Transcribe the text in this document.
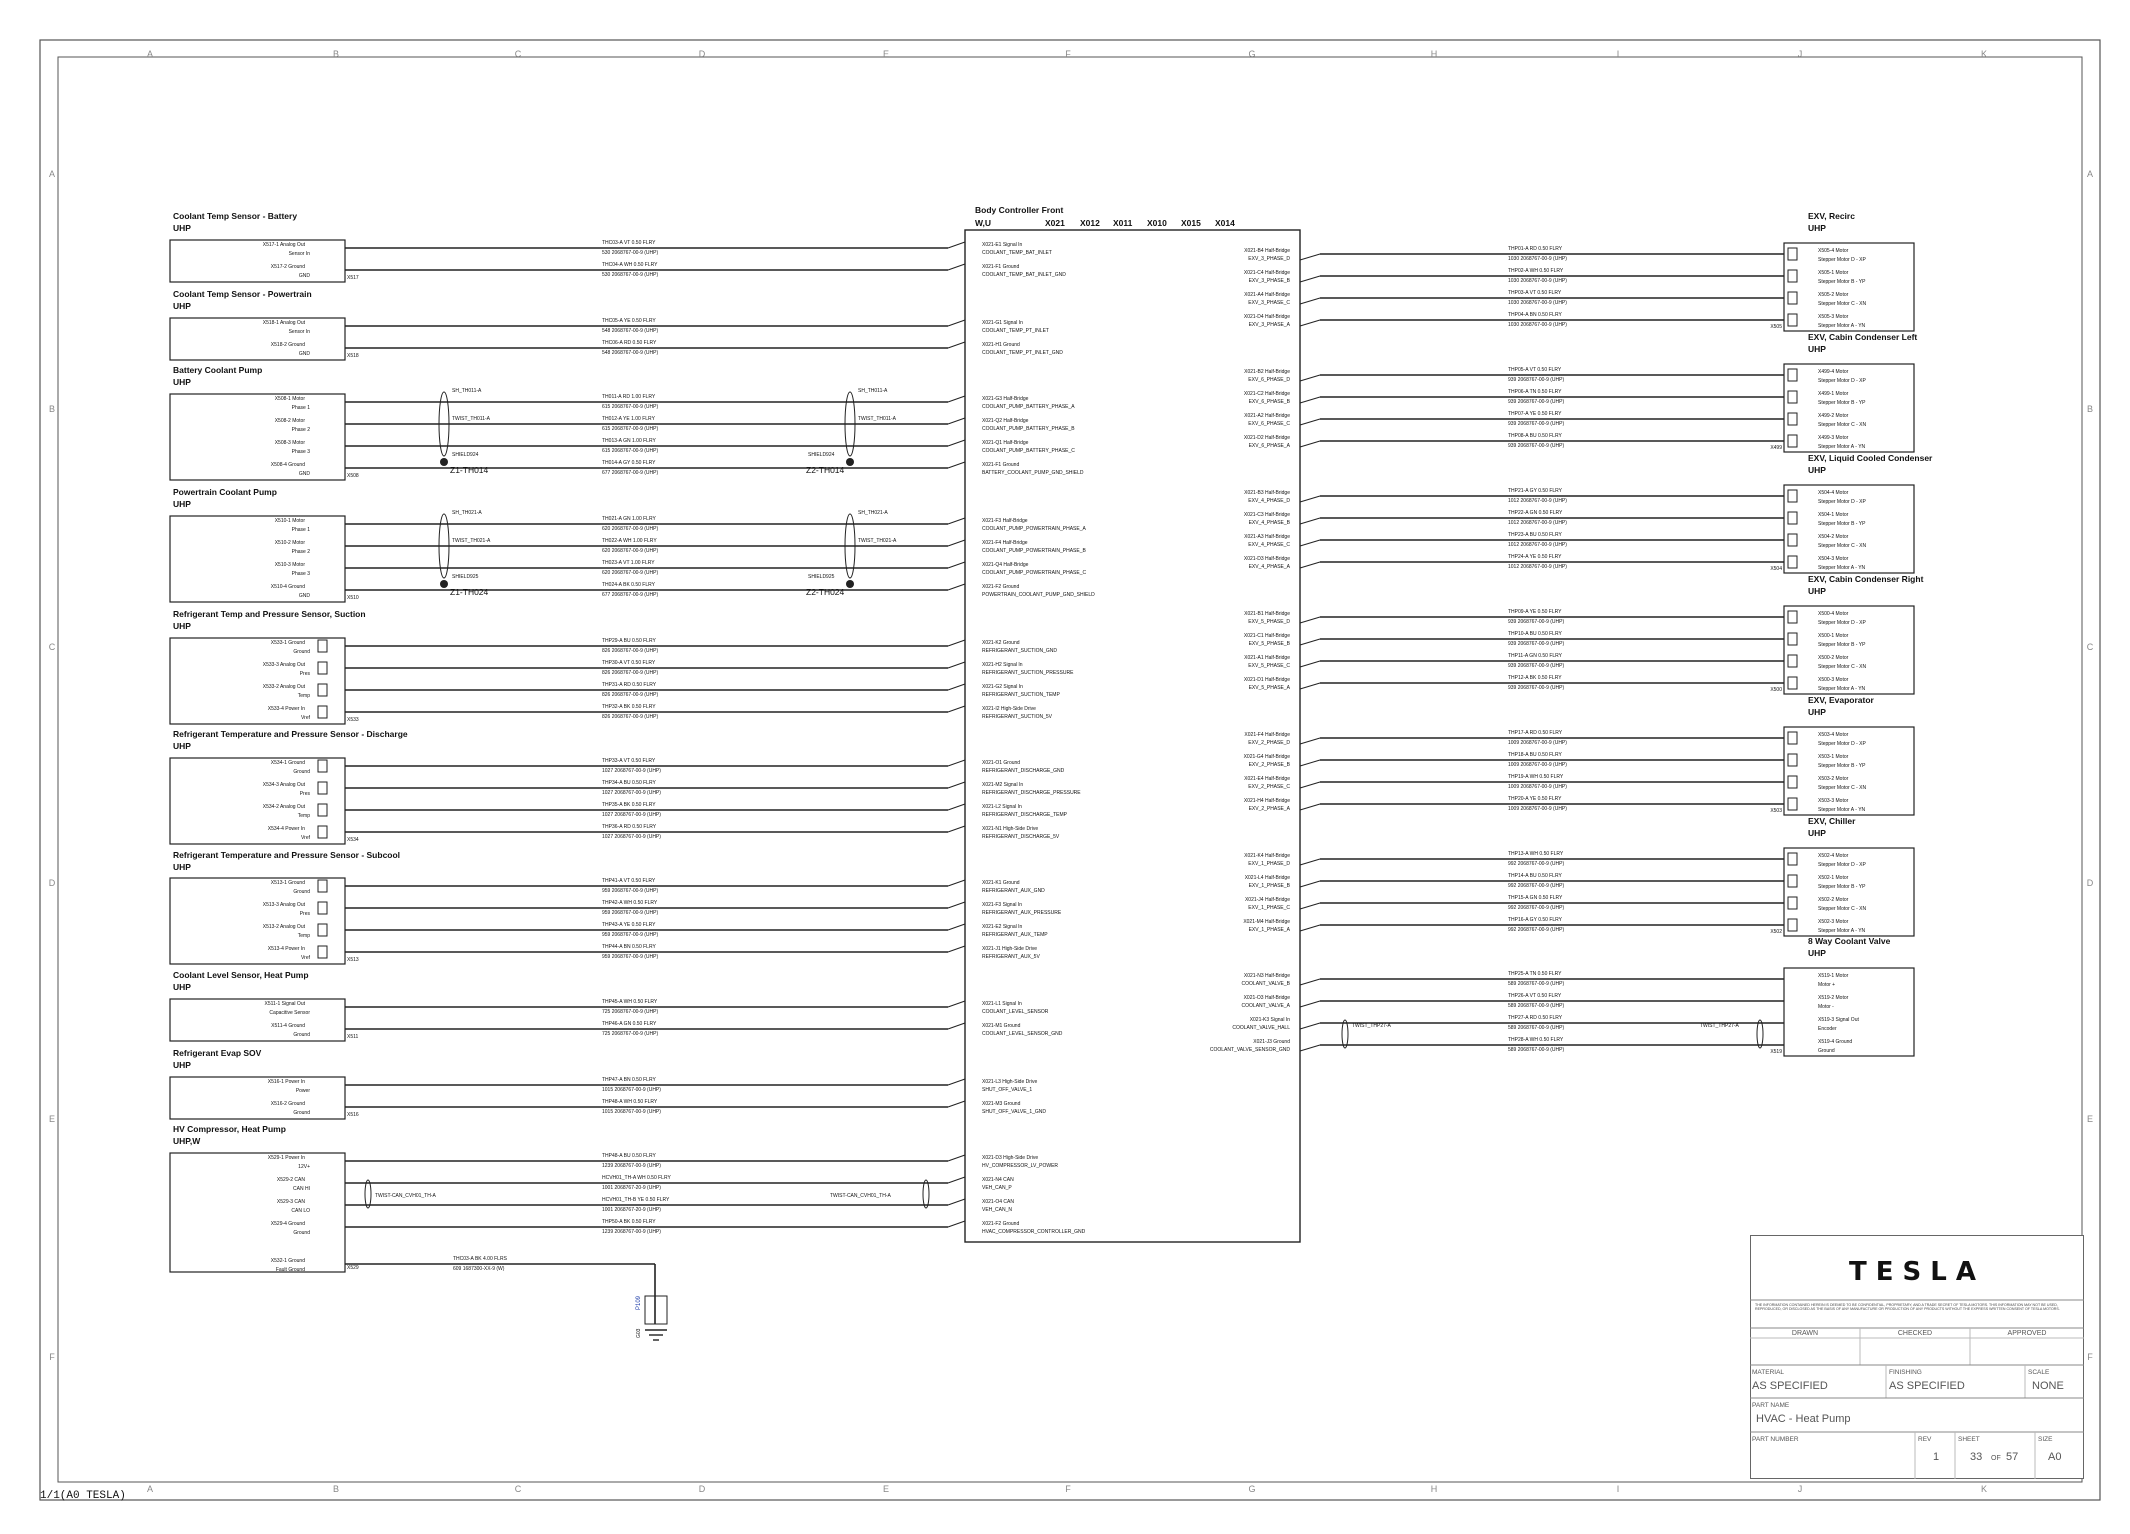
A
A
B
B
C
C
D
D
E
E
F
F
G
G
H
H
I
I
J
J
K
K
A	A
B	B
C	C
D	D
E	E
F	F
Body Controller Front
W,U	X021 X012 X011 X010 X015 X014
X021-E1 Signal In
COOLANT_TEMP_BAT_INLET
X021-F1 Ground
COOLANT_TEMP_BAT_INLET_GND
X021-G1 Signal In
COOLANT_TEMP_PT_INLET
X021-H1 Ground
COOLANT_TEMP_PT_INLET_GND
X021-G3 Half-Bridge
COOLANT_PUMP_BATTERY_PHASE_A
X021-Q2 Half-Bridge
COOLANT_PUMP_BATTERY_PHASE_B
X021-Q1 Half-Bridge
COOLANT_PUMP_BATTERY_PHASE_C
X021-F1 Ground
BATTERY_COOLANT_PUMP_GND_SHIELD
X021-F3 Half-Bridge
COOLANT_PUMP_POWERTRAIN_PHASE_A
X021-F4 Half-Bridge
COOLANT_PUMP_POWERTRAIN_PHASE_B
X021-Q4 Half-Bridge
COOLANT_PUMP_POWERTRAIN_PHASE_C
X021-F2 Ground
POWERTRAIN_COOLANT_PUMP_GND_SHIELD
X021-K2 Ground
REFRIGERANT_SUCTION_GND
X021-H2 Signal In
REFRIGERANT_SUCTION_PRESSURE
X021-G2 Signal In
REFRIGERANT_SUCTION_TEMP
X021-I2 High-Side Drive
REFRIGERANT_SUCTION_5V
X021-O1 Ground
REFRIGERANT_DISCHARGE_GND
X021-M2 Signal In
REFRIGERANT_DISCHARGE_PRESSURE
X021-L2 Signal In
REFRIGERANT_DISCHARGE_TEMP
X021-N1 High-Side Drive
REFRIGERANT_DISCHARGE_5V
X021-K1 Ground
REFRIGERANT_AUX_GND
X021-F3 Signal In
REFRIGERANT_AUX_PRESSURE
X021-E2 Signal In
REFRIGERANT_AUX_TEMP
X021-J1 High-Side Drive
REFRIGERANT_AUX_5V
X021-L1 Signal In
COOLANT_LEVEL_SENSOR
X021-M1 Ground
COOLANT_LEVEL_SENSOR_GND
X021-L3 High-Side Drive
SHUT_OFF_VALVE_1
X021-M3 Ground
SHUT_OFF_VALVE_1_GND
X021-D3 High-Side Drive
HV_COMPRESSOR_LV_POWER
X021-N4 CAN
VEH_CAN_P
X021-O4 CAN
VEH_CAN_N
X021-F2 Ground
HVAC_COMPRESSOR_CONTROLLER_GND
X021-B4 Half-Bridge
EXV_3_PHASE_D
X021-C4 Half-Bridge
EXV_3_PHASE_B
X021-A4 Half-Bridge
EXV_3_PHASE_C
X021-D4 Half-Bridge
EXV_3_PHASE_A
X021-B2 Half-Bridge
EXV_6_PHASE_D
X021-C2 Half-Bridge
EXV_6_PHASE_B
X021-A2 Half-Bridge
EXV_6_PHASE_C
X021-D2 Half-Bridge
EXV_6_PHASE_A
X021-B3 Half-Bridge
EXV_4_PHASE_D
X021-C3 Half-Bridge
EXV_4_PHASE_B
X021-A3 Half-Bridge
EXV_4_PHASE_C
X021-D3 Half-Bridge
EXV_4_PHASE_A
X021-B1 Half-Bridge
EXV_5_PHASE_D
X021-C1 Half-Bridge
EXV_5_PHASE_B
X021-A1 Half-Bridge
EXV_5_PHASE_C
X021-D1 Half-Bridge
EXV_5_PHASE_A
X021-F4 Half-Bridge
EXV_2_PHASE_D
X021-G4 Half-Bridge
EXV_2_PHASE_B
X021-E4 Half-Bridge
EXV_2_PHASE_C
X021-H4 Half-Bridge
EXV_2_PHASE_A
X021-K4 Half-Bridge
EXV_1_PHASE_D
X021-L4 Half-Bridge
EXV_1_PHASE_B
X021-J4 Half-Bridge
EXV_1_PHASE_C
X021-M4 Half-Bridge
EXV_1_PHASE_A
X021-N3 Half-Bridge
COOLANT_VALVE_B
X021-O3 Half-Bridge
COOLANT_VALVE_A
X021-K3 Signal In
COOLANT_VALVE_HALL
X021-J3 Ground
COOLANT_VALVE_SENSOR_GND
Coolant Temp Sensor - Battery
UHP
X517
X517-1 Analog Out
Sensor In
THC03-A VT 0.50 FLRY
530 2068767-00-9 (UHP)
X517-2 Ground
GND
THC04-A WH 0.50 FLRY
530 2068767-00-9 (UHP)
Coolant Temp Sensor - Powertrain
UHP
X518
X518-1 Analog Out
Sensor In
THC05-A YE 0.50 FLRY
548 2068767-00-9 (UHP)
X518-2 Ground
GND
THC06-A RD 0.50 FLRY
548 2068767-00-9 (UHP)
Battery Coolant Pump
UHP
X508
X508-1 Motor
Phase 1
TH011-A RD 1.00 FLRY
615 2068767-00-9 (UHP)
X508-2 Motor
Phase 2
TH012-A YE 1.00 FLRY
615 2068767-00-9 (UHP)
X508-3 Motor
Phase 3
TH013-A GN 1.00 FLRY
615 2068767-00-9 (UHP)
X508-4 Ground
GND
TH014-A GY 0.50 FLRY
677 2068767-00-9 (UHP)
SH_TH011-A
TWIST_TH011-A
SH_TH011-A
TWIST_TH011-A
SHIELD924	SHIELD924
Z1-TH014	Z2-TH014
Powertrain Coolant Pump
UHP
X510
X510-1 Motor
Phase 1
TH021-A GN 1.00 FLRY
620 2068767-00-9 (UHP)
X510-2 Motor
Phase 2
TH022-A WH 1.00 FLRY
620 2068767-00-9 (UHP)
X510-3 Motor
Phase 3
TH023-A VT 1.00 FLRY
620 2068767-00-9 (UHP)
X510-4 Ground
GND
TH024-A BK 0.50 FLRY
677 2068767-00-9 (UHP)
SH_TH021-A
TWIST_TH021-A
SH_TH021-A
TWIST_TH021-A
SHIELD925	SHIELD925
Z1-TH024	Z2-TH024
Refrigerant Temp and Pressure Sensor, Suction
UHP
X533
X533-1 Ground
Ground
THP29-A BU 0.50 FLRY
826 2068767-00-9 (UHP)
X533-3 Analog Out
Pres
THP30-A VT 0.50 FLRY
826 2068767-00-9 (UHP)
X533-2 Analog Out
Temp
THP31-A RD 0.50 FLRY
826 2068767-00-9 (UHP)
X533-4 Power In
Vref
THP32-A BK 0.50 FLRY
826 2068767-00-9 (UHP)
Refrigerant Temperature and Pressure Sensor - Discharge
UHP
X534
X534-1 Ground
Ground
THP33-A VT 0.50 FLRY
1027 2068767-00-9 (UHP)
X534-3 Analog Out
Pres
THP34-A BU 0.50 FLRY
1027 2068767-00-9 (UHP)
X534-2 Analog Out
Temp
THP35-A BK 0.50 FLRY
1027 2068767-00-9 (UHP)
X534-4 Power In
Vref
THP36-A RD 0.50 FLRY
1027 2068767-00-9 (UHP)
Refrigerant Temperature and Pressure Sensor - Subcool
UHP
X513
X513-1 Ground
Ground
THP41-A VT 0.50 FLRY
959 2068767-00-9 (UHP)
X513-3 Analog Out
Pres
THP42-A WH 0.50 FLRY
959 2068767-00-9 (UHP)
X513-2 Analog Out
Temp
THP43-A YE 0.50 FLRY
959 2068767-00-9 (UHP)
X513-4 Power In
Vref
THP44-A BN 0.50 FLRY
959 2068767-00-9 (UHP)
Coolant Level Sensor, Heat Pump
UHP
X511
X511-1 Signal Out
Capacitive Sensor
THP45-A WH 0.50 FLRY
725 2068767-00-9 (UHP)
X511-4 Ground
Ground
THP46-A GN 0.50 FLRY
725 2068767-00-9 (UHP)
Refrigerant Evap SOV
UHP
X516
X516-1 Power In
Power
THP47-A BN 0.50 FLRY
1015 2068767-00-9 (UHP)
X516-2 Ground
Ground
THP48-A WH 0.50 FLRY
1015 2068767-00-9 (UHP)
HV Compressor, Heat Pump
UHP,W
X529
X529-1 Power In
12V+
THP48-A BU 0.50 FLRY
1239 2068767-00-9 (UHP)
X529-2 CAN
CAN HI
HCVH01_TH-A WH 0.50 FLRY
1001 2068767-20-9 (UHP)
X529-3 CAN
CAN LO
HCVH01_TH-B YE 0.50 FLRY
1001 2068767-20-9 (UHP)
X529-4 Ground
Ground
THP50-A BK 0.50 FLRY
1239 2068767-00-9 (UHP)
TWIST-CAN_CVH01_TH-A	TWIST-CAN_CVH01_TH-A
X532-1 Ground
Fault Ground
THC03-A BK 4.00 FLRS
609 1687300-XX-9 (W)
EXV, Recirc
UHP
X505
X505-4 Motor
Stepper Motor D - XP
THP01-A RD 0.50 FLRY
1030 2068767-00-9 (UHP)
X505-1 Motor
Stepper Motor B - YP
THP02-A WH 0.50 FLRY
1030 2068767-00-9 (UHP)
X505-2 Motor
Stepper Motor C - XN
THP03-A VT 0.50 FLRY
1030 2068767-00-9 (UHP)
X505-3 Motor
Stepper Motor A - YN
THP04-A BN 0.50 FLRY
1030 2068767-00-9 (UHP)
EXV, Cabin Condenser Left
UHP
X499
X499-4 Motor
Stepper Motor D - XP
THP05-A VT 0.50 FLRY
939 2068767-00-9 (UHP)
X499-1 Motor
Stepper Motor B - YP
THP06-A TN 0.50 FLRY
939 2068767-00-9 (UHP)
X499-2 Motor
Stepper Motor C - XN
THP07-A YE 0.50 FLRY
939 2068767-00-9 (UHP)
X499-3 Motor
Stepper Motor A - YN
THP08-A BU 0.50 FLRY
939 2068767-00-9 (UHP)
EXV, Liquid Cooled Condenser
UHP
X504
X504-4 Motor
Stepper Motor D - XP
THP21-A GY 0.50 FLRY
1012 2068767-00-9 (UHP)
X504-1 Motor
Stepper Motor B - YP
THP22-A GN 0.50 FLRY
1012 2068767-00-9 (UHP)
X504-2 Motor
Stepper Motor C - XN
THP23-A BU 0.50 FLRY
1012 2068767-00-9 (UHP)
X504-3 Motor
Stepper Motor A - YN
THP24-A YE 0.50 FLRY
1012 2068767-00-9 (UHP)
EXV, Cabin Condenser Right
UHP
X500
X500-4 Motor
Stepper Motor D - XP
THP09-A YE 0.50 FLRY
939 2068767-00-9 (UHP)
X500-1 Motor
Stepper Motor B - YP
THP10-A BU 0.50 FLRY
939 2068767-00-9 (UHP)
X500-2 Motor
Stepper Motor C - XN
THP11-A GN 0.50 FLRY
939 2068767-00-9 (UHP)
X500-3 Motor
Stepper Motor A - YN
THP12-A BK 0.50 FLRY
939 2068767-00-9 (UHP)
EXV, Evaporator
UHP
X503
X503-4 Motor
Stepper Motor D - XP
THP17-A RD 0.50 FLRY
1009 2068767-00-9 (UHP)
X503-1 Motor
Stepper Motor B - YP
THP18-A BU 0.50 FLRY
1009 2068767-00-9 (UHP)
X503-2 Motor
Stepper Motor C - XN
THP19-A WH 0.50 FLRY
1009 2068767-00-9 (UHP)
X503-3 Motor
Stepper Motor A - YN
THP20-A YE 0.50 FLRY
1009 2068767-00-9 (UHP)
EXV, Chiller
UHP
X502
X502-4 Motor
Stepper Motor D - XP
THP13-A WH 0.50 FLRY
992 2068767-00-9 (UHP)
X502-1 Motor
Stepper Motor B - YP
THP14-A BU 0.50 FLRY
992 2068767-00-9 (UHP)
X502-2 Motor
Stepper Motor C - XN
THP15-A GN 0.50 FLRY
992 2068767-00-9 (UHP)
X502-3 Motor
Stepper Motor A - YN
THP16-A GY 0.50 FLRY
992 2068767-00-9 (UHP)
8 Way Coolant Valve
UHP
X519
X519-1 Motor
Motor +
THP25-A TN 0.50 FLRY
589 2068767-00-9 (UHP)
X519-2 Motor
Motor -
THP26-A VT 0.50 FLRY
589 2068767-00-9 (UHP)
X519-3 Signal Out
Encoder
THP27-A RD 0.50 FLRY
589 2068767-00-9 (UHP)
X519-4 Ground
Ground
THP28-A WH 0.50 FLRY
589 2068767-00-9 (UHP)
TWIST_THP27-A	TWIST_THP27-A
P109
G03
1/1(A0 TESLA)
TESLA
THE INFORMATION CONTAINED HEREIN IS DEEMED TO BE CONFIDENTIAL, PROPRIETARY, AND A TRADE SECRET OF TESLA MOTORS. THIS INFORMATION MAY NOT BE USED, REPRODUCED, OR DISCLOSED AS THE BASIS OF ANY MANUFACTURE OR PRODUCTION OF ANY PRODUCTS WITHOUT THE EXPRESS WRITTEN CONSENT OF TESLA MOTORS.
DRAWN	CHECKED	APPROVED
MATERIAL
AS SPECIFIED
FINISHING
AS SPECIFIED
SCALE
NONE
PART NAME
HVAC - Heat Pump
PART NUMBER	REV
1
SHEET
33 OF 57
SIZE
A0
